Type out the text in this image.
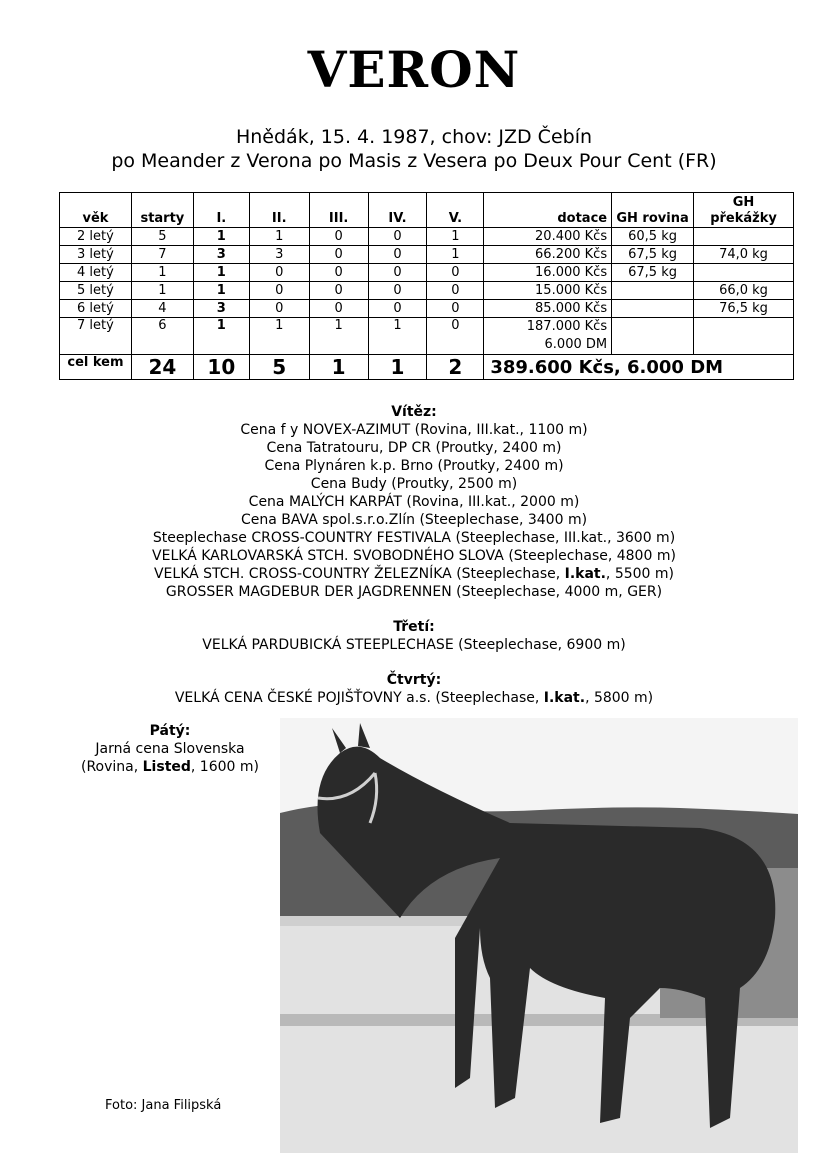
VERON
Hnědák, 15. 4. 1987, chov: JZD Čebín
po Meander z Verona po Masis z Vesera po Deux Pour Cent (FR)
věk	starty	I.	II.	III.	IV.	V.	dotace	GH rovina	GH překážky
2 letý	5	1	1	0	0	1	20.400 Kčs	60,5 kg	
3 letý	7	3	3	0	0	1	66.200 Kčs	67,5 kg	74,0 kg
4 letý	1	1	0	0	0	0	16.000 Kčs	67,5 kg	
5 letý	1	1	0	0	0	0	15.000 Kčs		66,0 kg
6 letý	4	3	0	0	0	0	85.000 Kčs		76,5 kg
7 letý	6	1	1	1	1	0	187.000 Kčs
6.000 DM		

cel kem	24	10	5	1	1	2	389.600 Kčs, 6.000 DM		
Vítěz:
Cena f y NOVEX-AZIMUT (Rovina, III.kat., 1100 m)
Cena Tatratouru, DP CR (Proutky, 2400 m)
Cena Plynáren k.p. Brno (Proutky, 2400 m)
Cena Budy (Proutky, 2500 m)
Cena MALÝCH KARPÁT (Rovina, III.kat., 2000 m)
Cena BAVA spol.s.r.o.Zlín (Steeplechase, 3400 m)
Steeplechase CROSS-COUNTRY FESTIVALA (Steeplechase, III.kat., 3600 m)
VELKÁ KARLOVARSKÁ STCH. SVOBODNÉHO SLOVA (Steeplechase, 4800 m)
VELKÁ STCH. CROSS-COUNTRY ŽELEZNÍKA (Steeplechase, I.kat., 5500 m)
GROSSER MAGDEBUR DER JAGDRENNEN (Steeplechase, 4000 m, GER)
Třetí:
VELKÁ PARDUBICKÁ STEEPLECHASE (Steeplechase, 6900 m)
Čtvrtý:
VELKÁ CENA ČESKÉ POJIŠŤOVNY a.s. (Steeplechase, I.kat., 5800 m)
Pátý:
Jarná cena Slovenska
(Rovina, Listed, 1600 m)
Foto: Jana Filipská
